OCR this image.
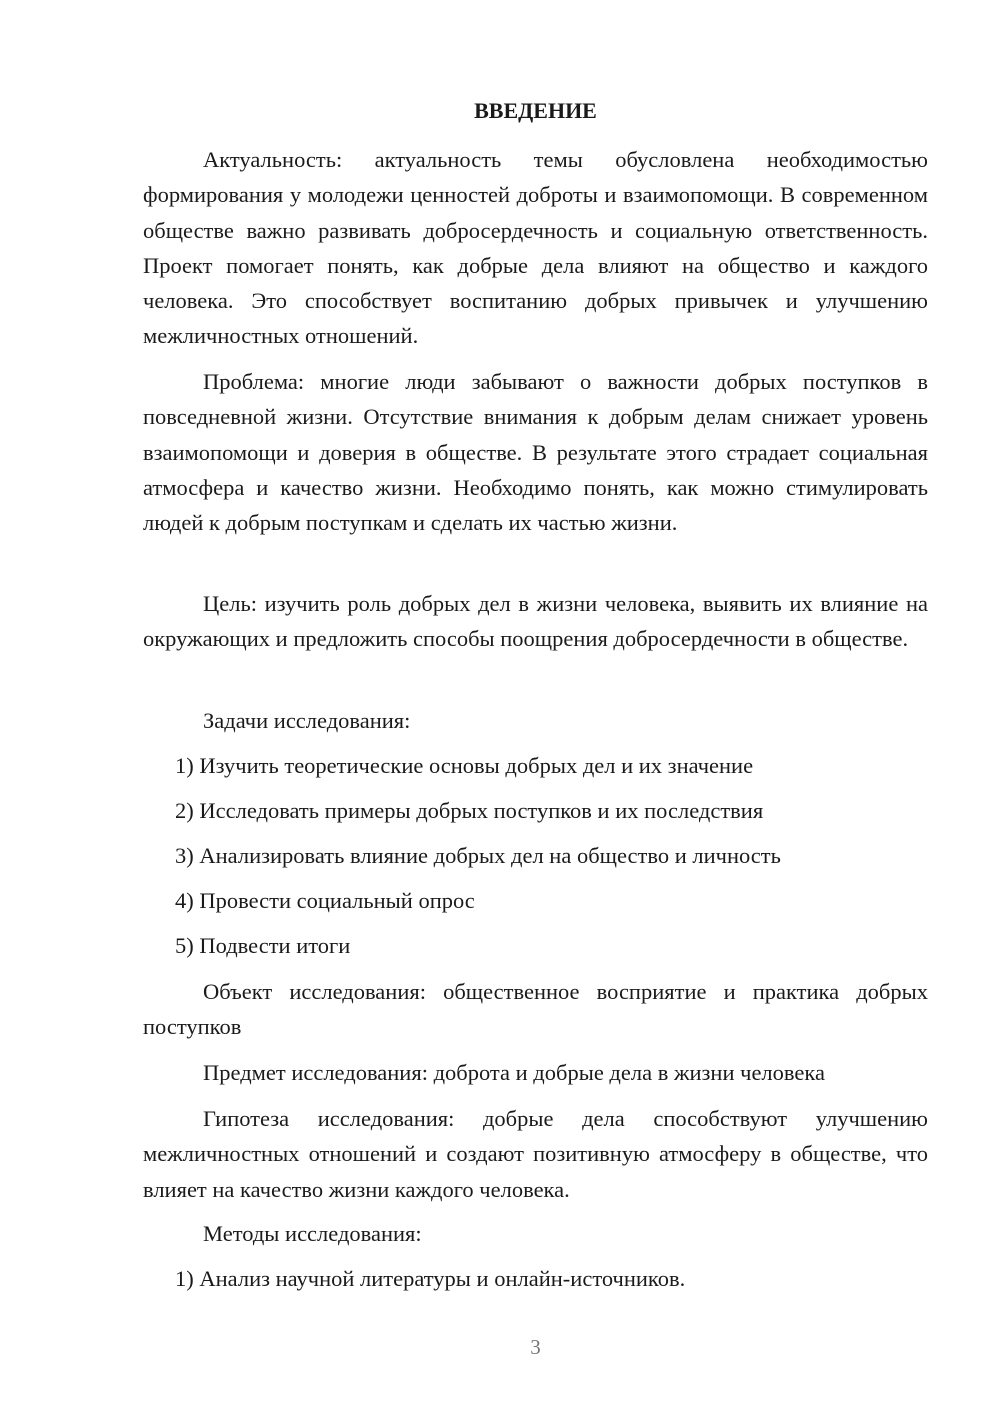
ВВЕДЕНИЕ

Актуальность: актуальность темы обусловлена необходимостью формирования у молодежи ценностей доброты и взаимопомощи. В современном обществе важно развивать добросердечность и социальную ответственность. Проект помогает понять, как добрые дела влияют на общество и каждого человека. Это способствует воспитанию добрых привычек и улучшению межличностных отношений.

Проблема: многие люди забывают о важности добрых поступков в повседневной жизни. Отсутствие внимания к добрым делам снижает уровень взаимопомощи и доверия в обществе. В результате этого страдает социальная атмосфера и качество жизни. Необходимо понять, как можно стимулировать людей к добрым поступкам и сделать их частью жизни.

Цель: изучить роль добрых дел в жизни человека, выявить их влияние на окружающих и предложить способы поощрения добросердечности в обществе.

Задачи исследования:

1) Изучить теоретические основы добрых дел и их значение

2) Исследовать примеры добрых поступков и их последствия

3) Анализировать влияние добрых дел на общество и личность

4) Провести социальный опрос

5) Подвести итоги

Объект исследования: общественное восприятие и практика добрых поступков

Предмет исследования: доброта и добрые дела в жизни человека

Гипотеза исследования: добрые дела способствуют улучшению межличностных отношений и создают позитивную атмосферу в обществе, что влияет на качество жизни каждого человека.

Методы исследования:

1) Анализ научной литературы и онлайн-источников.

3
